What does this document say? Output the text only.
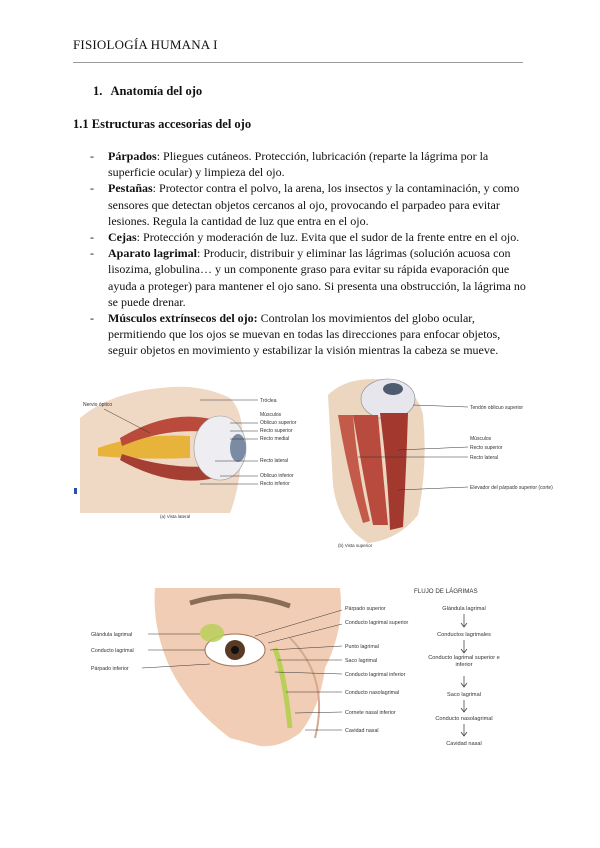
FISIOLOGÍA HUMANA I
1. Anatomía del ojo
1.1 Estructuras accesorias del ojo
- Párpados: Pliegues cutáneos. Protección, lubricación (reparte la lágrima por la superficie ocular) y limpieza del ojo.
- Pestañas: Protector contra el polvo, la arena, los insectos y la contaminación, y como sensores que detectan objetos cercanos al ojo, provocando el parpadeo para evitar lesiones. Regula la cantidad de luz que entra en el ojo.
- Cejas: Protección y moderación de luz. Evita que el sudor de la frente entre en el ojo.
- Aparato lagrimal: Producir, distribuir y eliminar las lágrimas (solución acuosa con lisozima, globulina… y un componente graso para evitar su rápida evaporación que ayuda a proteger) para mantener el ojo sano. Si presenta una obstrucción, la lágrima no se puede drenar.
- Músculos extrínsecos del ojo: Controlan los movimientos del globo ocular, permitiendo que los ojos se muevan en todas las direcciones para enfocar objetos, seguir objetos en movimiento y estabilizar la visión mientras la cabeza se mueve.
Nervio óptico
Tróclea
Músculos
Oblicuo superior
Recto superior
Recto medial
Recto lateral
Oblicuo inferior
Recto inferior
(a) Vista lateral
Tendón oblicuo superior
Músculos
Recto superior
Recto lateral
Elevador del párpado superior (corte)
(b) Vista superior
Glándula lagrimal
Conducto lagrimal
Párpado inferior
Párpado superior
Conducto lagrimal superior
Punto lagrimal
Saco lagrimal
Conducto lagrimal inferior
Conducto nasolagrimal
Cornete nasal inferior
Cavidad nasal
FLUJO DE LÁGRIMAS
Glándula lagrimal
Conductos lagrimales
Conducto lagrimal superior e inferior
Saco lagrimal
Conducto nasolagrimal
Cavidad nasal
